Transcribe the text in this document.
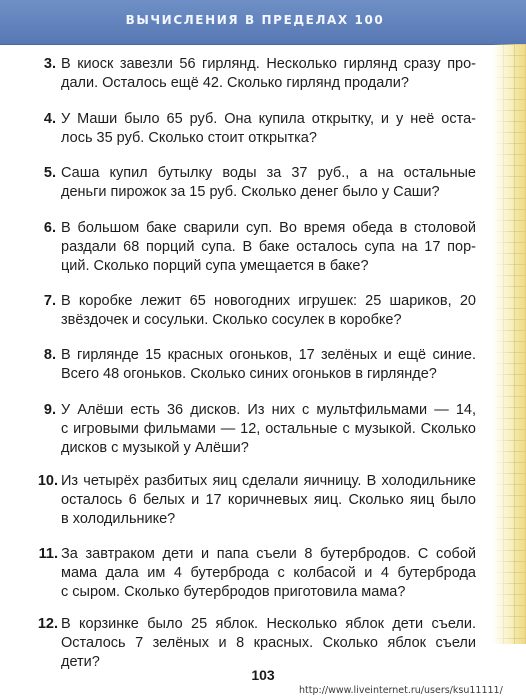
ВЫЧИСЛЕНИЯ В ПРЕДЕЛАХ 100
3. В киоск завезли 56 гирлянд. Несколько гирлянд сразу про-
дали. Осталось ещё 42. Сколько гирлянд продали?
4. У Маши было 65 руб. Она купила открытку, и у неё оста-
лось 35 руб. Сколько стоит открытка?
5. Саша купил бутылку воды за 37 руб., а на остальные
деньги пирожок за 15 руб. Сколько денег было у Саши?
6. В большом баке сварили суп. Во время обеда в столовой
раздали 68 порций супа. В баке осталось супа на 17 пор-
ций. Сколько порций супа умещается в баке?
7. В коробке лежит 65 новогодних игрушек: 25 шариков, 20
звёздочек и сосульки. Сколько сосулек в коробке?
8. В гирлянде 15 красных огоньков, 17 зелёных и ещё синие.
Всего 48 огоньков. Сколько синих огоньков в гирлянде?
9. У Алёши есть 36 дисков. Из них с мультфильмами — 14,
с игровыми фильмами — 12, остальные с музыкой. Сколько
дисков с музыкой у Алёши?
10. Из четырёх разбитых яиц сделали яичницу. В холодильнике
осталось 6 белых и 17 коричневых яиц. Сколько яиц было
в холодильнике?
11. За завтраком дети и папа съели 8 бутербродов. С собой
мама дала им 4 бутерброда с колбасой и 4 бутерброда
с сыром. Сколько бутербродов приготовила мама?
12. В корзинке было 25 яблок. Несколько яблок дети съели.
Осталось 7 зелёных и 8 красных. Сколько яблок съели
дети?
103
http://www.liveinternet.ru/users/ksu11111/
